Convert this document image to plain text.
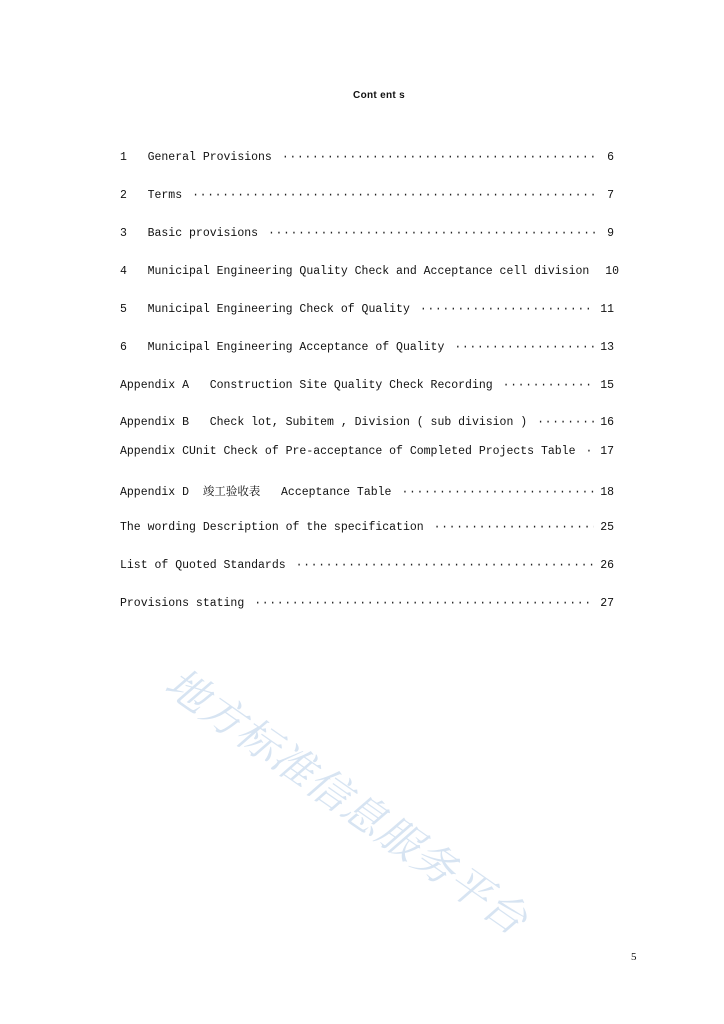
Cont ent s
1   General Provisions ·····	6
2   Terms ·····	7
3   Basic provisions ·····	9
4   Municipal Engineering Quality Check and Acceptance cell division 10
5   Municipal Engineering Check of Quality ·····	11
6   Municipal Engineering Acceptance of Quality ·····	13
Appendix A   Construction Site Quality Check Recording ·····	15
Appendix B   Check lot, Subitem , Division ( sub division ) ·····	16
Appendix CUnit Check of Pre-acceptance of Completed Projects Table ····· 17
Appendix D  竣工验收表   Acceptance Table ·····	18
The wording Description of the specification ·····	25
List of Quoted Standards ·····	26
Provisions stating ·····	27
地方标准信息服务平台
5
